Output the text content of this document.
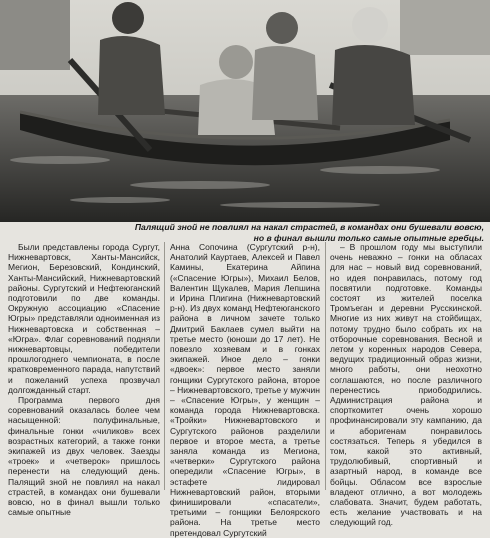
Палящий зной не повлиял на накал страстей, в командах они бушевали вовсю,
но в финал вышли только самые опытные гребцы.

Были представлены города Сургут, Нижневартовск, Ханты-Мансийск, Мегион, Березовский, Кондинский, Ханты-Мансийский, Нижневартовский районы. Сургутский и Нефтеюганский подготовили по две команды. Окружную ассоциацию «Спасение Югры» представляли одноименная из Нижневартовска и собственная – «Югра». Флаг соревнований подняли нижневартовцы, победители прошлогоднего чемпионата, в после кратковременного парада, напутствий и пожеланий успеха прозвучал долгожданный старт.

Программа первого дня соревнований оказалась более чем насыщенной: полуфинальные, финальные гонки «чиликов» всех возрастных категорий, а также гонки экипажей из двух человек. Заезды «троек» и «четверок» пришлось перенести на следующий день. Палящий зной не повлиял на накал страстей, в командах они бушевали вовсю, но в финал вышли только самые опытные

Анна Сопочина (Сургутский р-н), Анатолий Кауртаев, Алексей и Павел Камины, Екатерина Айпина («Спасение Югры»), Михаил Белов, Валентин Щукалев, Мария Лепшина и Ирина Плигина (Нижневартовский р-н). Из двух команд Нефтеюганского района в личном зачете только Дмитрий Баклаев сумел выйти на третье место (юноши до 17 лет). Не повезло хозяевам и в гонках экипажей. Иное дело – гонки «двоек»: первое место заняли гонщики Сургутского района, второе – Нижневартовского, третье у мужчин – «Спасение Югры», у женщин – команда города Нижневартовска. «Тройки» Нижневартовского и Сургутского районов разделили первое и второе места, а третье заняла команда из Мегиона, «четверки» Сургутского района опередили «Спасение Югры», в эстафете лидировал Нижневартовский район, вторыми финишировали «спасатели», третьими – гонщики Белоярского района. На третье место претендовал Сургутский

– В прошлом году мы выступили очень неважно – гонки на обласах для нас – новый вид соревнований, но идея понравилась, потому год посвятили подготовке. Команды состоят из жителей поселка Тромъеган и деревни Русскинской. Многие из них живут на стойбищах, потому трудно было собрать их на отборочные соревнования. Весной и летом у коренных народов Севера, ведущих традиционный образ жизни, много работы, они неохотно соглашаются, но после различного перенестись приободрились. Администрация района и спорткомитет очень хорошо профинансировали эту кампанию, да и аборигенам понравилось состязаться. Теперь я убедился в том, какой это активный, трудолюбивый, спортивный и азартный народ, в команде все бойцы. Обласом все взрослые владеют отлично, а вот молодежь слабовата. Значит, будем работать, есть желание участвовать и на следующий год.
